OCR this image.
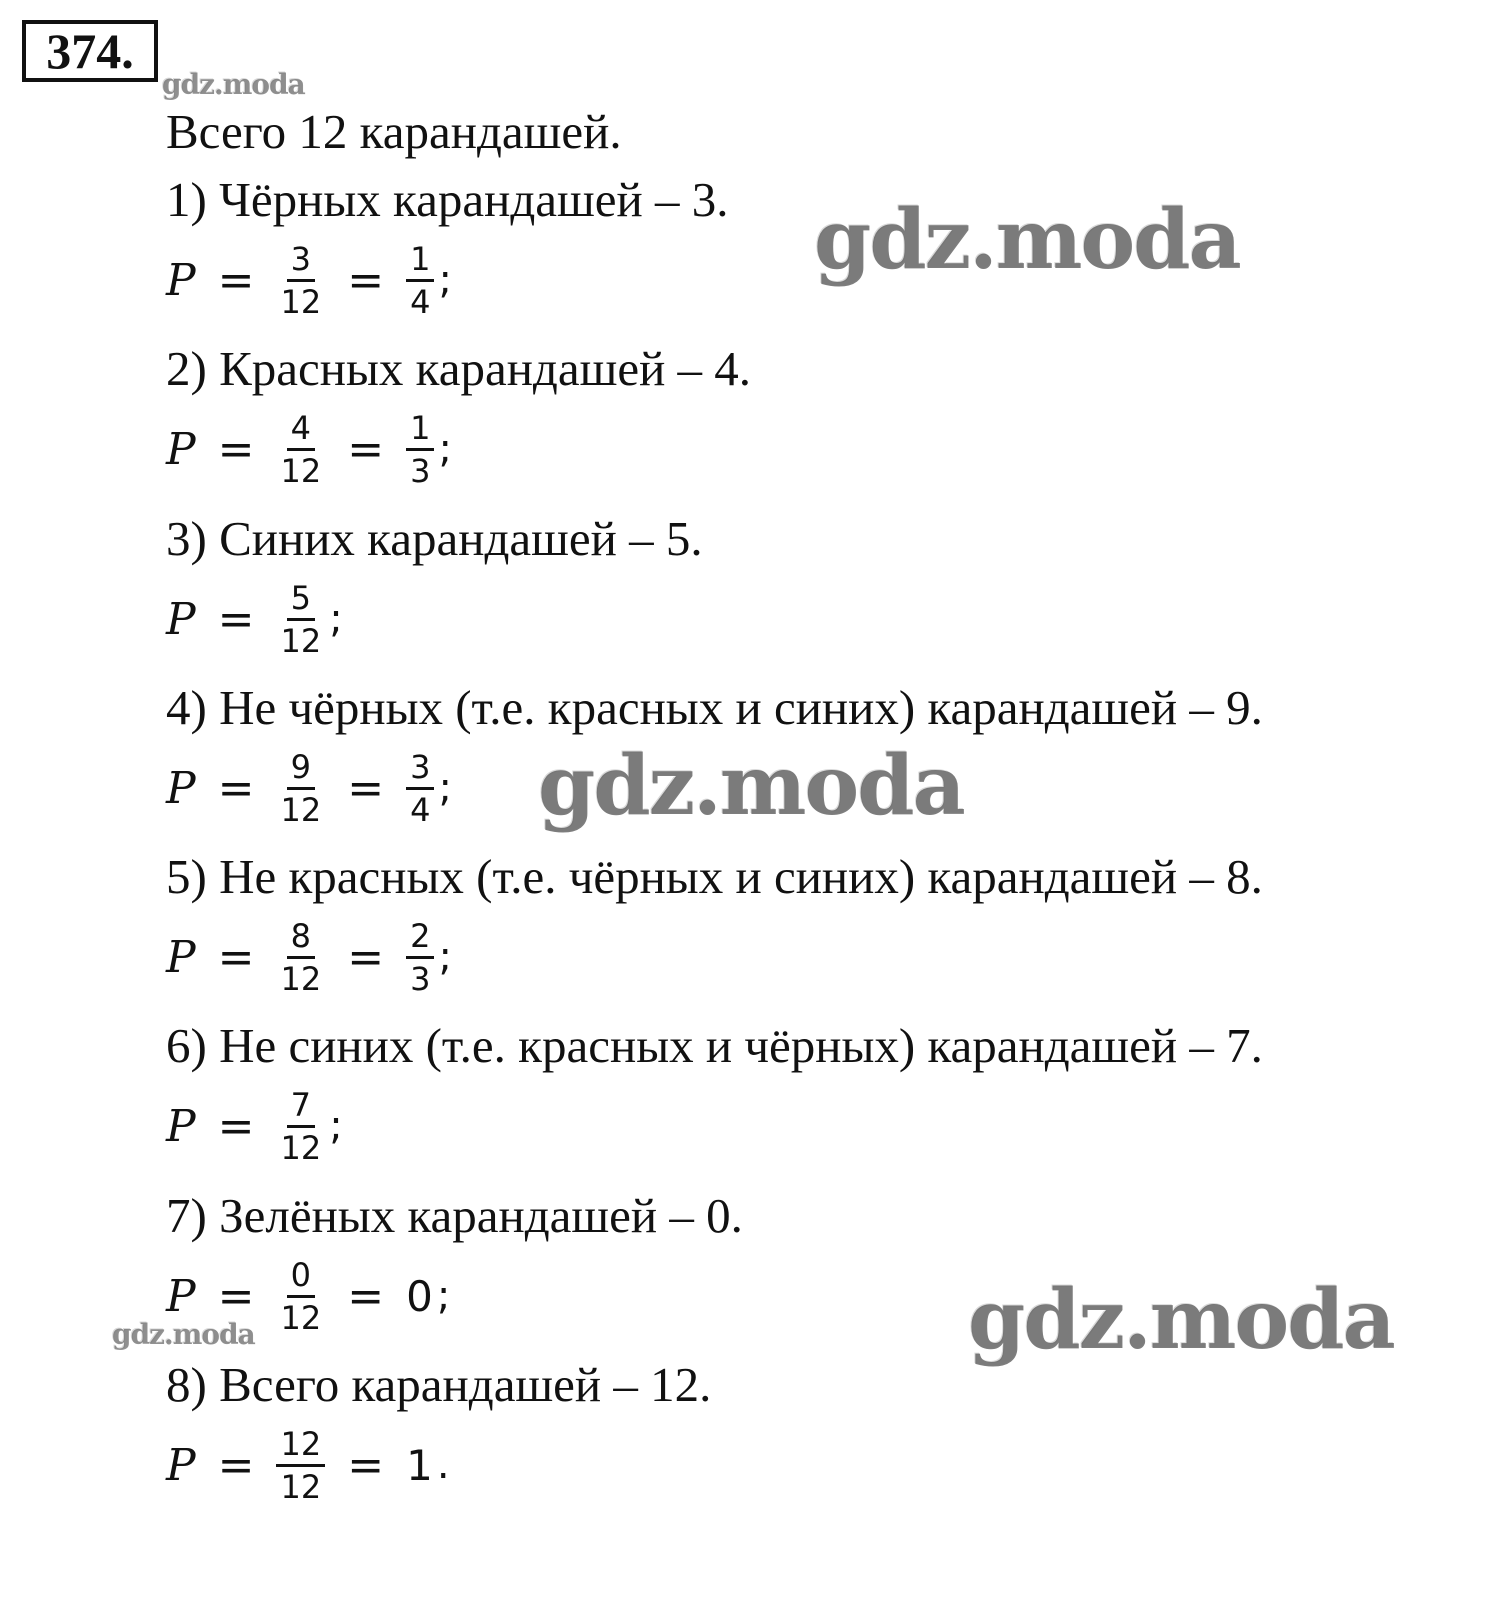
374.
gdz.moda
gdz.moda
gdz.moda
gdz.moda
gdz.moda
Всего 12 карандашей.
1) Чёрных карандашей – 3.
$P = \frac{3}{12} = \frac{1}{4}$ ;
2) Красных карандашей – 4.
$P = \frac{4}{12} = \frac{1}{3}$ ;
3) Синих карандашей – 5.
$P = \frac{5}{12}$ ;
4) Не чёрных (т.е. красных и синих) карандашей – 9.
$P = \frac{9}{12} = \frac{3}{4}$ ;
5) Не красных (т.е. чёрных и синих) карандашей – 8.
$P = \frac{8}{12} = \frac{2}{3}$ ;
6) Не синих (т.е. красных и чёрных) карандашей – 7.
$P = \frac{7}{12}$ ;
7) Зелёных карандашей – 0.
$P = \frac{0}{12} = 0$ ;
8) Всего карандашей – 12.
$P = \frac{12}{12} = 1$ .
